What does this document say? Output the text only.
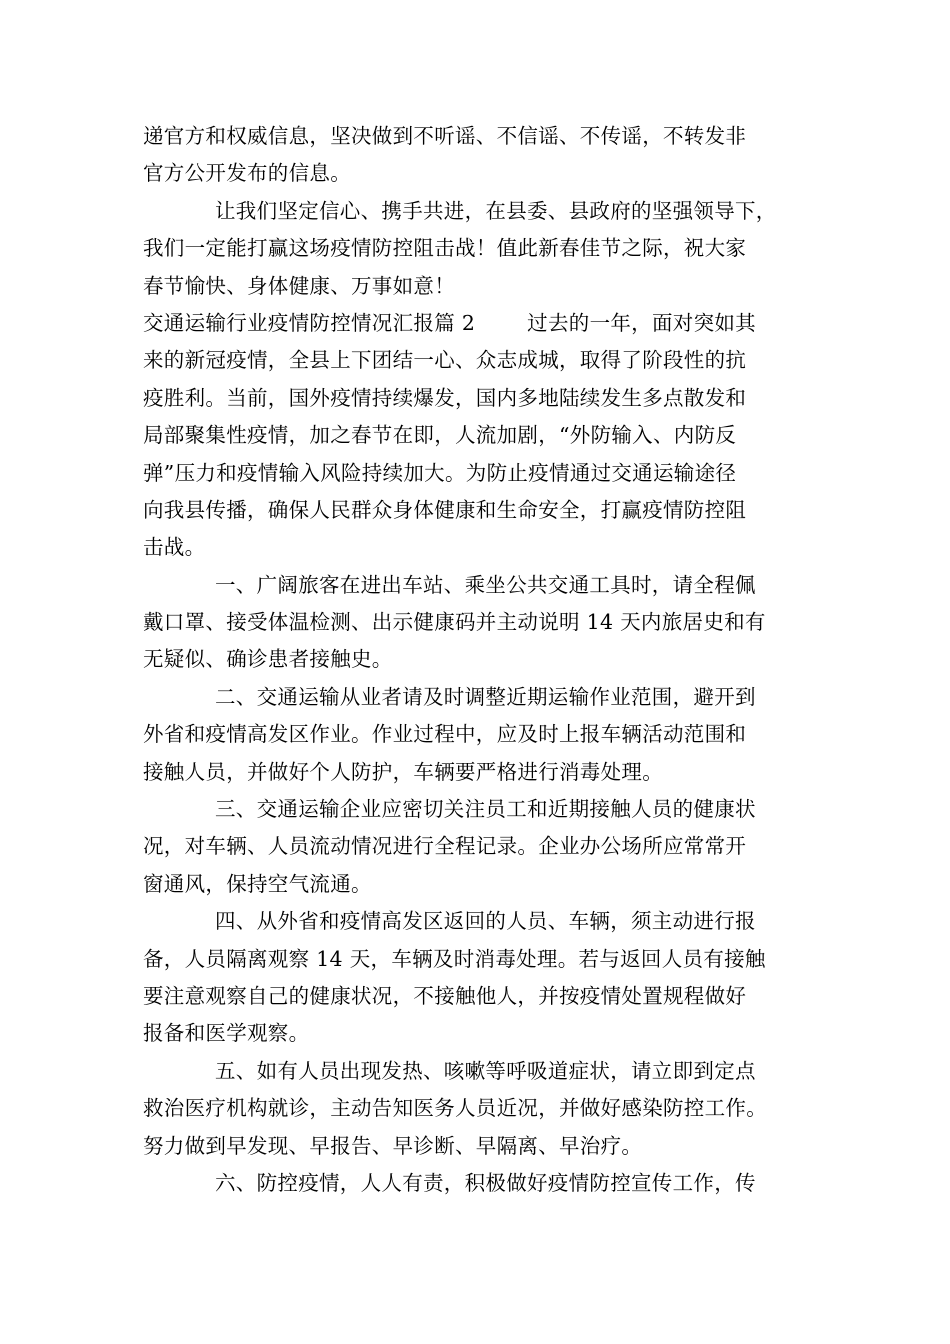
递官方和权威信息，坚决做到不听谣、不信谣、不传谣，不转发非
官方公开发布的信息。
让我们坚定信心、携手共进，在县委、县政府的坚强领导下，
我们一定能打赢这场疫情防控阻击战！值此新春佳节之际，祝大家
春节愉快、身体健康、万事如意！
交通运输行业疫情防控情况汇报篇 2	过去的一年，面对突如其
来的新冠疫情，全县上下团结一心、众志成城，取得了阶段性的抗
疫胜利。当前，国外疫情持续爆发，国内多地陆续发生多点散发和
局部聚集性疫情，加之春节在即，人流加剧，“外防输入、内防反
弹”压力和疫情输入风险持续加大。为防止疫情通过交通运输途径
向我县传播，确保人民群众身体健康和生命安全，打赢疫情防控阻
击战。
一、广阔旅客在进出车站、乘坐公共交通工具时，请全程佩
戴口罩、接受体温检测、出示健康码并主动说明 14 天内旅居史和有
无疑似、确诊患者接触史。
二、交通运输从业者请及时调整近期运输作业范围，避开到
外省和疫情高发区作业。作业过程中，应及时上报车辆活动范围和
接触人员，并做好个人防护，车辆要严格进行消毒处理。
三、交通运输企业应密切关注员工和近期接触人员的健康状
况，对车辆、人员流动情况进行全程记录。企业办公场所应常常开
窗通风，保持空气流通。
四、从外省和疫情高发区返回的人员、车辆，须主动进行报
备，人员隔离观察 14 天，车辆及时消毒处理。若与返回人员有接触
要注意观察自己的健康状况，不接触他人，并按疫情处置规程做好
报备和医学观察。
五、如有人员出现发热、咳嗽等呼吸道症状，请立即到定点
救治医疗机构就诊，主动告知医务人员近况，并做好感染防控工作。
努力做到早发现、早报告、早诊断、早隔离、早治疗。
六、防控疫情，人人有责，积极做好疫情防控宣传工作，传
